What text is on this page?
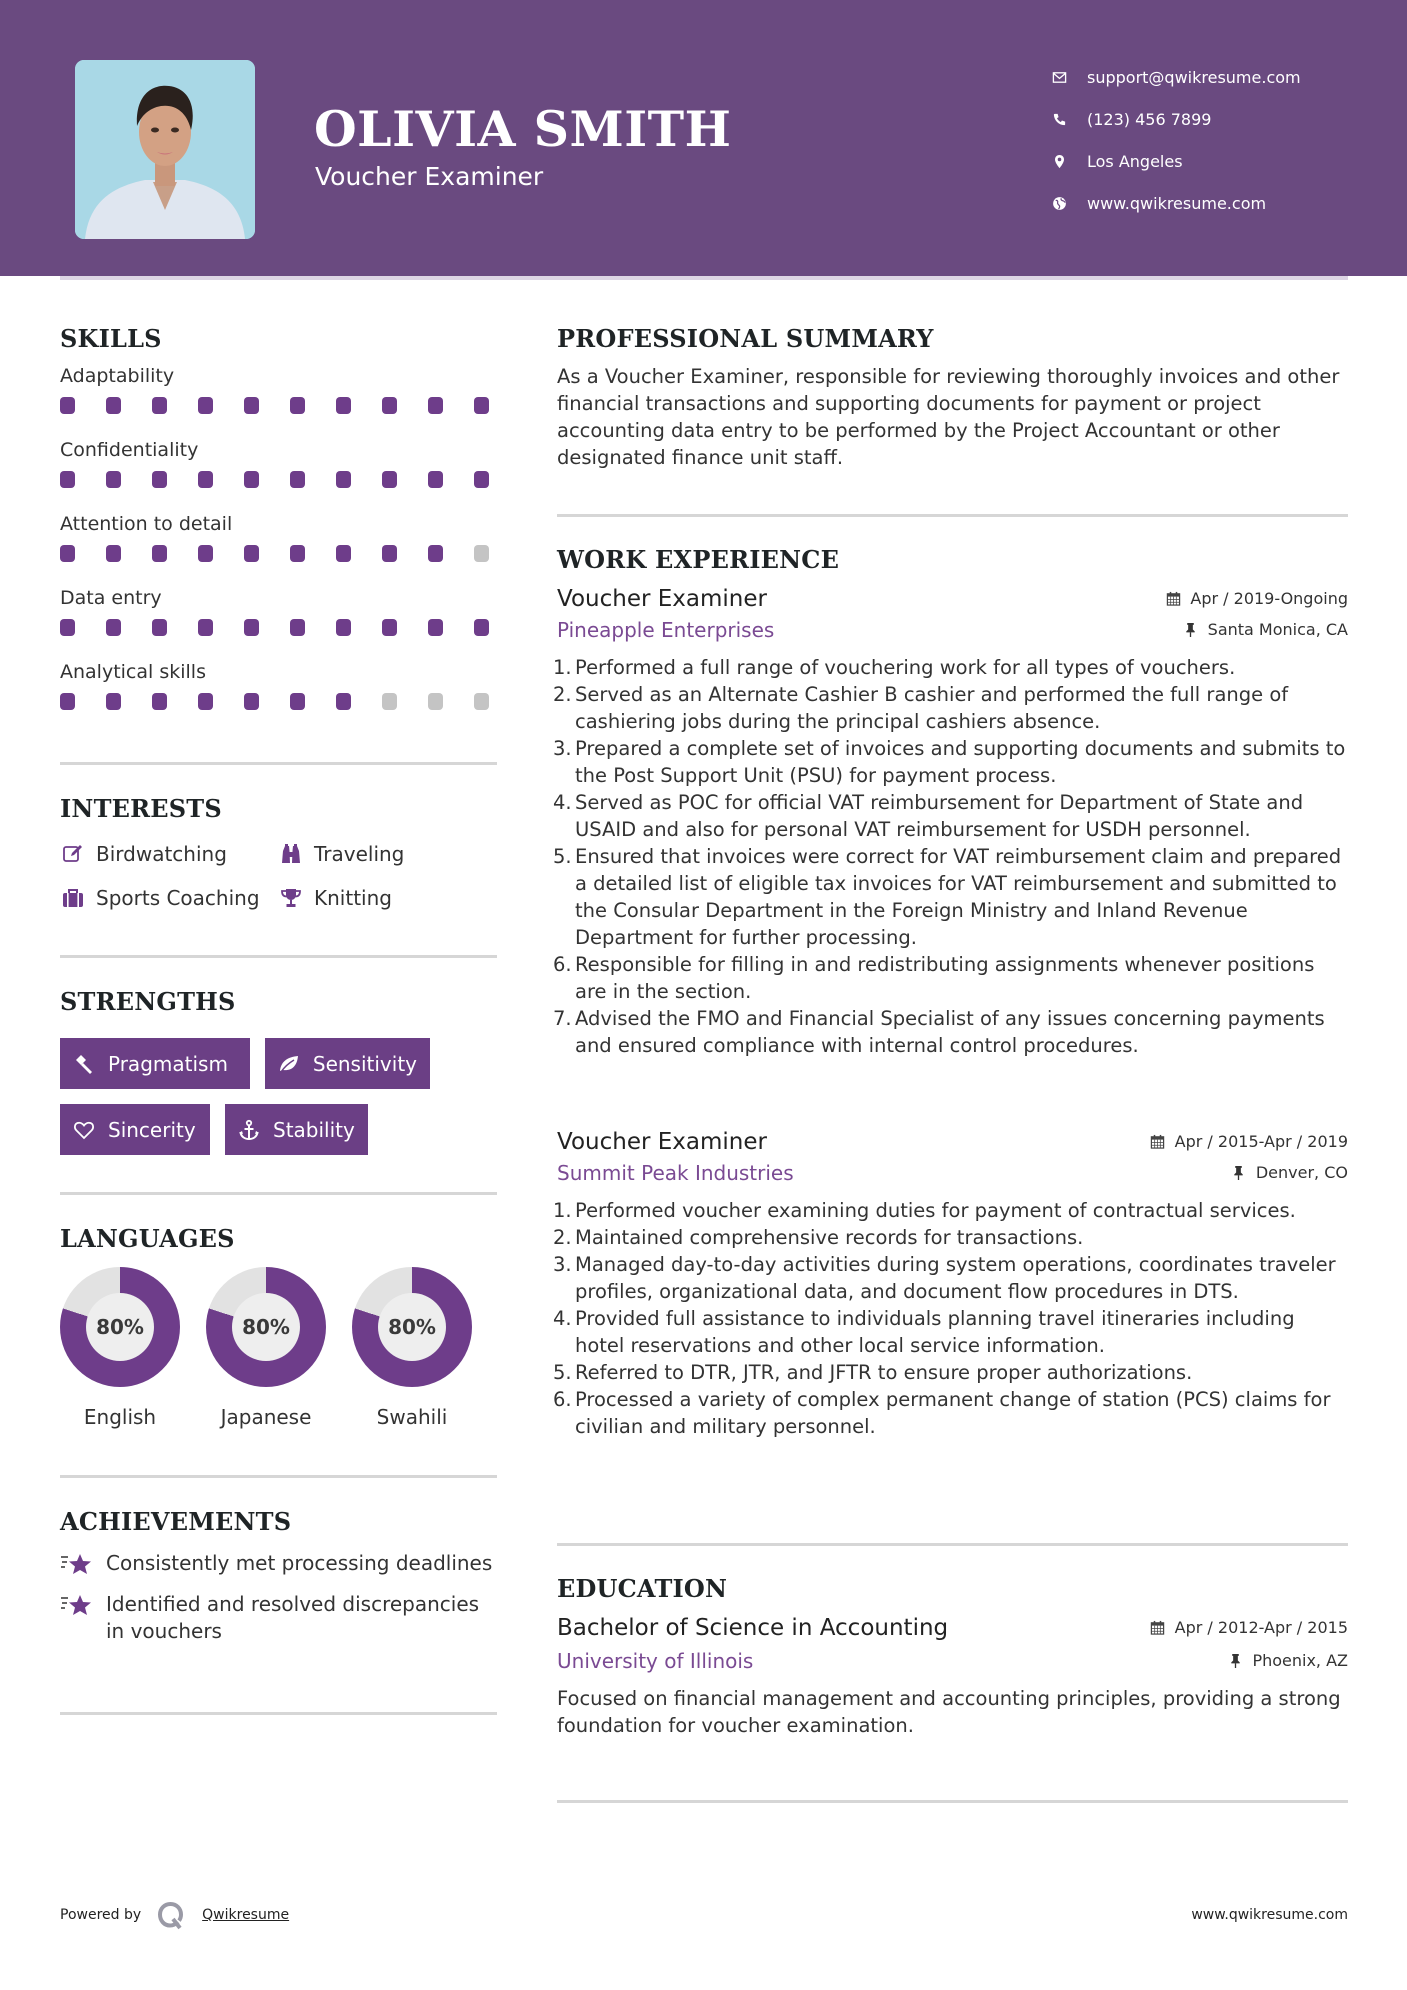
OLIVIA SMITH
Voucher Examiner
support@qwikresume.com
(123) 456 7899
Los Angeles
www.qwikresume.com
SKILLS
Adaptability
Confidentiality
Attention to detail
Data entry
Analytical skills
INTERESTS
Birdwatching	Traveling
Sports Coaching	Knitting
STRENGTHS
Pragmatism	Sensitivity
Sincerity	Stability
LANGUAGES
80%
English
80%
Japanese
80%
Swahili
ACHIEVEMENTS
Consistently met processing deadlines
Identified and resolved discrepancies in vouchers
PROFESSIONAL SUMMARY
As a Voucher Examiner, responsible for reviewing thoroughly invoices and other financial transactions and supporting documents for payment or project accounting data entry to be performed by the Project Accountant or other designated finance unit staff.
WORK EXPERIENCE
Voucher Examiner	Apr / 2019-Ongoing
Pineapple Enterprises	Santa Monica, CA
1. Performed a full range of vouchering work for all types of vouchers.
2. Served as an Alternate Cashier B cashier and performed the full range of cashiering jobs during the principal cashiers absence.
3. Prepared a complete set of invoices and supporting documents and submits to the Post Support Unit (PSU) for payment process.
4. Served as POC for official VAT reimbursement for Department of State and USAID and also for personal VAT reimbursement for USDH personnel.
5. Ensured that invoices were correct for VAT reimbursement claim and prepared a detailed list of eligible tax invoices for VAT reimbursement and submitted to the Consular Department in the Foreign Ministry and Inland Revenue Department for further processing.
6. Responsible for filling in and redistributing assignments whenever positions are in the section.
7. Advised the FMO and Financial Specialist of any issues concerning payments and ensured compliance with internal control procedures.
Voucher Examiner	Apr / 2015-Apr / 2019
Summit Peak Industries	Denver, CO
1. Performed voucher examining duties for payment of contractual services.
2. Maintained comprehensive records for transactions.
3. Managed day-to-day activities during system operations, coordinates traveler profiles, organizational data, and document flow procedures in DTS.
4. Provided full assistance to individuals planning travel itineraries including hotel reservations and other local service information.
5. Referred to DTR, JTR, and JFTR to ensure proper authorizations.
6. Processed a variety of complex permanent change of station (PCS) claims for civilian and military personnel.
EDUCATION
Bachelor of Science in Accounting	Apr / 2012-Apr / 2015
University of Illinois	Phoenix, AZ
Focused on financial management and accounting principles, providing a strong foundation for voucher examination.
Powered by	Qwikresume	www.qwikresume.com
